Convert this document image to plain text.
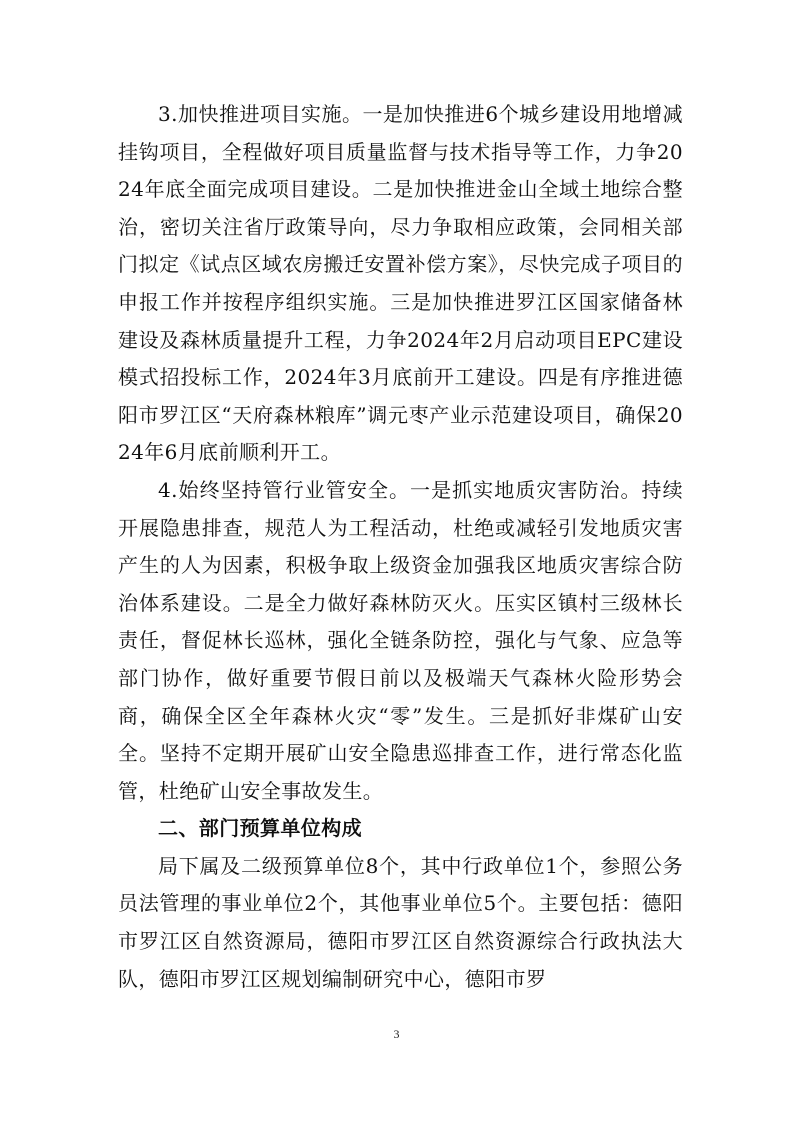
3.加快推进项目实施。一是加快推进6个城乡建设用地增减挂钩项目，全程做好项目质量监督与技术指导等工作，力争2024年底全面完成项目建设。二是加快推进金山全域土地综合整治，密切关注省厅政策导向，尽力争取相应政策，会同相关部门拟定《试点区域农房搬迁安置补偿方案》，尽快完成子项目的申报工作并按程序组织实施。三是加快推进罗江区国家储备林建设及森林质量提升工程，力争2024年2月启动项目EPC建设模式招投标工作，2024年3月底前开工建设。四是有序推进德阳市罗江区“天府森林粮库”调元枣产业示范建设项目，确保2024年6月底前顺利开工。

4.始终坚持管行业管安全。一是抓实地质灾害防治。持续开展隐患排查，规范人为工程活动，杜绝或减轻引发地质灾害产生的人为因素，积极争取上级资金加强我区地质灾害综合防治体系建设。二是全力做好森林防灭火。压实区镇村三级林长责任，督促林长巡林，强化全链条防控，强化与气象、应急等部门协作，做好重要节假日前以及极端天气森林火险形势会商，确保全区全年森林火灾“零”发生。三是抓好非煤矿山安全。坚持不定期开展矿山安全隐患巡排查工作，进行常态化监管，杜绝矿山安全事故发生。

二、部门预算单位构成

局下属及二级预算单位8个，其中行政单位1个，参照公务员法管理的事业单位2个，其他事业单位5个。主要包括：德阳市罗江区自然资源局，德阳市罗江区自然资源综合行政执法大队，德阳市罗江区规划编制研究中心，德阳市罗

3
